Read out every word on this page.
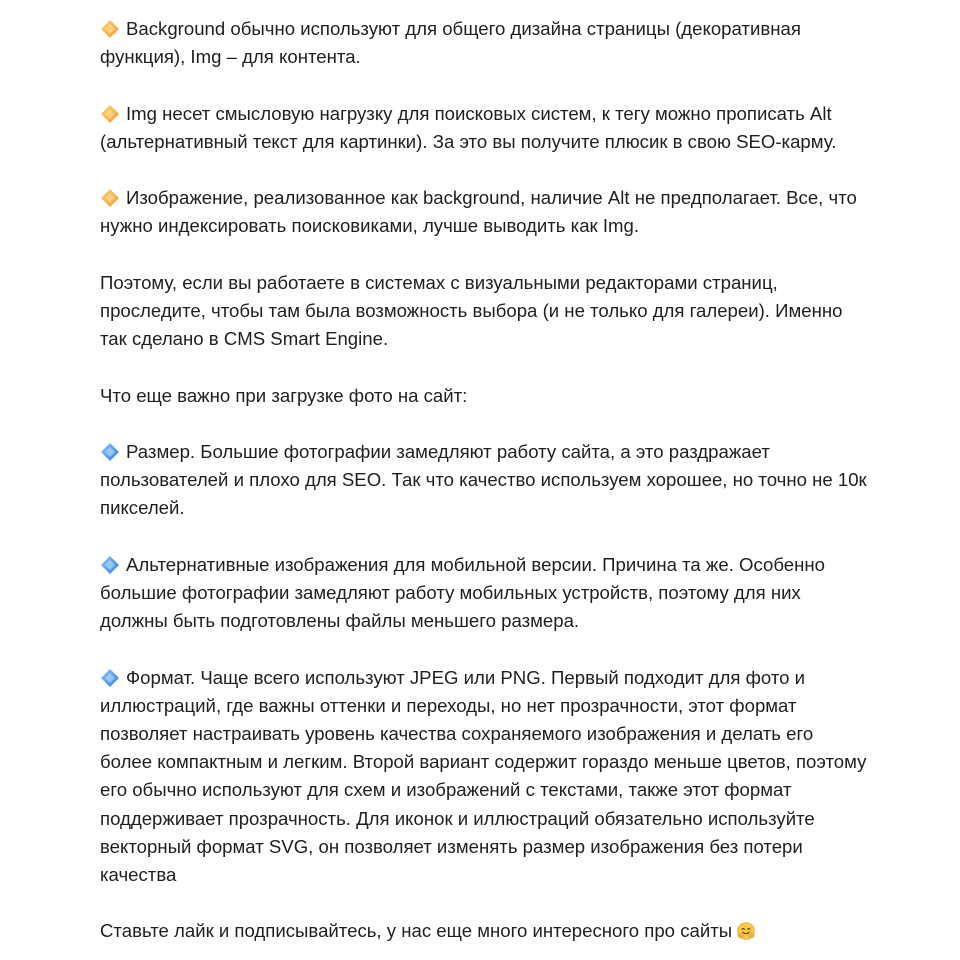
Background обычно используют для общего дизайна страницы (декоративная функция), Img – для контента.

Img несет смысловую нагрузку для поисковых систем, к тегу можно прописать Alt (альтернативный текст для картинки). За это вы получите плюсик в свою SEO-карму.

Изображение, реализованное как background, наличие Alt не предполагает. Все, что нужно индексировать поисковиками, лучше выводить как Img.

Поэтому, если вы работаете в системах с визуальными редакторами страниц, проследите, чтобы там была возможность выбора (и не только для галереи). Именно так сделано в CMS Smart Engine.

Что еще важно при загрузке фото на сайт:

Размер. Большие фотографии замедляют работу сайта, а это раздражает пользователей и плохо для SEO. Так что качество используем хорошее, но точно не 10к пикселей.

Альтернативные изображения для мобильной версии. Причина та же. Особенно большие фотографии замедляют работу мобильных устройств, поэтому для них должны быть подготовлены файлы меньшего размера.

Формат. Чаще всего используют JPEG или PNG. Первый подходит для фото и иллюстраций, где важны оттенки и переходы, но нет прозрачности, этот формат позволяет настраивать уровень качества сохраняемого изображения и делать его более компактным и легким. Второй вариант содержит гораздо меньше цветов, поэтому его обычно используют для схем и изображений с текстами, также этот формат поддерживает прозрачность. Для иконок и иллюстраций обязательно используйте векторный формат SVG, он позволяет изменять размер изображения без потери качества

Ставьте лайк и подписывайтесь, у нас еще много интересного про сайты
